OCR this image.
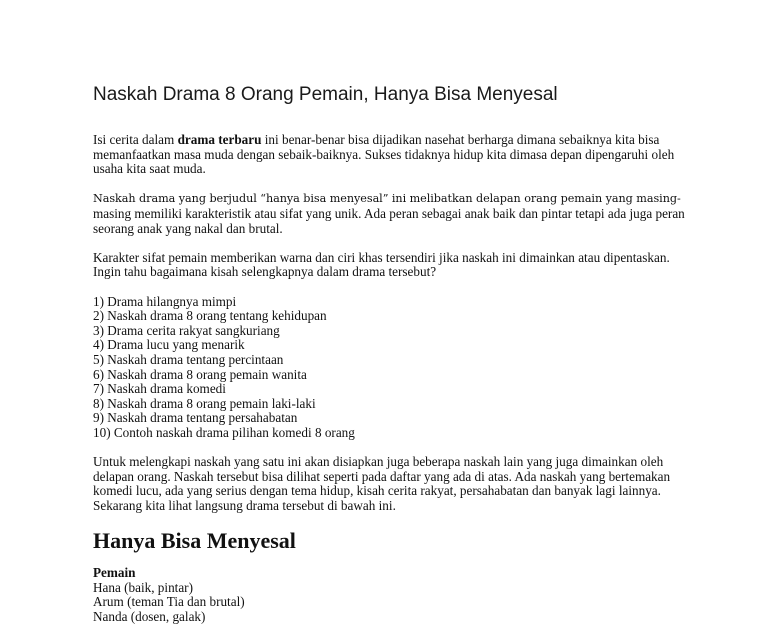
Naskah Drama 8 Orang Pemain, Hanya Bisa Menyesal

Isi cerita dalam drama terbaru ini benar-benar bisa dijadikan nasehat berharga dimana sebaiknya kita bisa memanfaatkan masa muda dengan sebaik-baiknya. Sukses tidaknya hidup kita dimasa depan dipengaruhi oleh usaha kita saat muda.

Naskah drama yang berjudul “hanya bisa menyesal” ini melibatkan delapan orang pemain yang masing-
masing memiliki karakteristik atau sifat yang unik. Ada peran sebagai anak baik dan pintar tetapi ada juga peran seorang anak yang nakal dan brutal.

Karakter sifat pemain memberikan warna dan ciri khas tersendiri jika naskah ini dimainkan atau dipentaskan. Ingin tahu bagaimana kisah selengkapnya dalam drama tersebut?

1) Drama hilangnya mimpi
2) Naskah drama 8 orang tentang kehidupan
3) Drama cerita rakyat sangkuriang
4) Drama lucu yang menarik
5) Naskah drama tentang percintaan
6) Naskah drama 8 orang pemain wanita
7) Naskah drama komedi
8) Naskah drama 8 orang pemain laki-laki
9) Naskah drama tentang persahabatan
10) Contoh naskah drama pilihan komedi 8 orang

Untuk melengkapi naskah yang satu ini akan disiapkan juga beberapa naskah lain yang juga dimainkan oleh delapan orang. Naskah tersebut bisa dilihat seperti pada daftar yang ada di atas. Ada naskah yang bertemakan komedi lucu, ada yang serius dengan tema hidup, kisah cerita rakyat, persahabatan dan banyak lagi lainnya. Sekarang kita lihat langsung drama tersebut di bawah ini.

Hanya Bisa Menyesal

Pemain

Hana (baik, pintar)

Arum (teman Tia dan brutal)

Nanda (dosen, galak)
